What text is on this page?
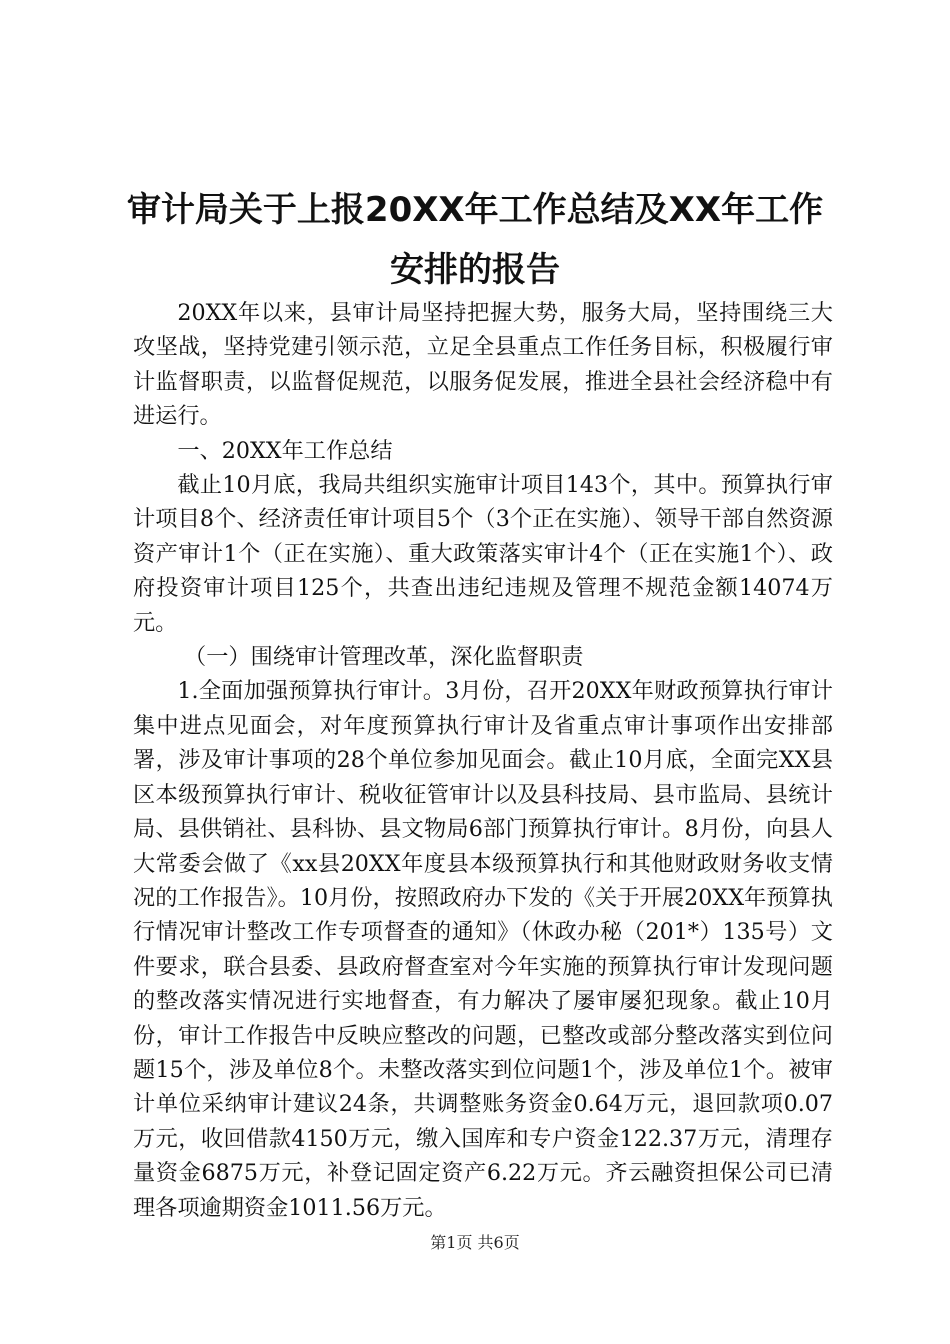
审计局关于上报20XX年工作总结及XX年工作
安排的报告

20XX年以来，县审计局坚持把握大势，服务大局，坚持围绕三大攻坚战，坚持党建引领示范，立足全县重点工作任务目标，积极履行审计监督职责，以监督促规范，以服务促发展，推进全县社会经济稳中有进运行。

一、20XX年工作总结

截止10月底，我局共组织实施审计项目143个，其中。预算执行审计项目8个、经济责任审计项目5个（3个正在实施）、领导干部自然资源资产审计1个（正在实施）、重大政策落实审计4个（正在实施1个）、政府投资审计项目125个，共查出违纪违规及管理不规范金额14074万元。

（一）围绕审计管理改革，深化监督职责

1.全面加强预算执行审计。3月份，召开20XX年财政预算执行审计集中进点见面会，对年度预算执行审计及省重点审计事项作出安排部署，涉及审计事项的28个单位参加见面会。截止10月底，全面完XX县区本级预算执行审计、税收征管审计以及县科技局、县市监局、县统计局、县供销社、县科协、县文物局6部门预算执行审计。8月份，向县人大常委会做了《xx县20XX年度县本级预算执行和其他财政财务收支情况的工作报告》。10月份，按照政府办下发的《关于开展20XX年预算执行情况审计整改工作专项督查的通知》（休政办秘（201*）135号）文件要求，联合县委、县政府督查室对今年实施的预算执行审计发现问题的整改落实情况进行实地督查，有力解决了屡审屡犯现象。截止10月份，审计工作报告中反映应整改的问题，已整改或部分整改落实到位问题15个，涉及单位8个。未整改落实到位问题1个，涉及单位1个。被审计单位采纳审计建议24条，共调整账务资金0.64万元，退回款项0.07万元，收回借款4150万元，缴入国库和专户资金122.37万元，清理存量资金6875万元，补登记固定资产6.22万元。齐云融资担保公司已清理各项逾期资金1011.56万元。

第1页 共6页
